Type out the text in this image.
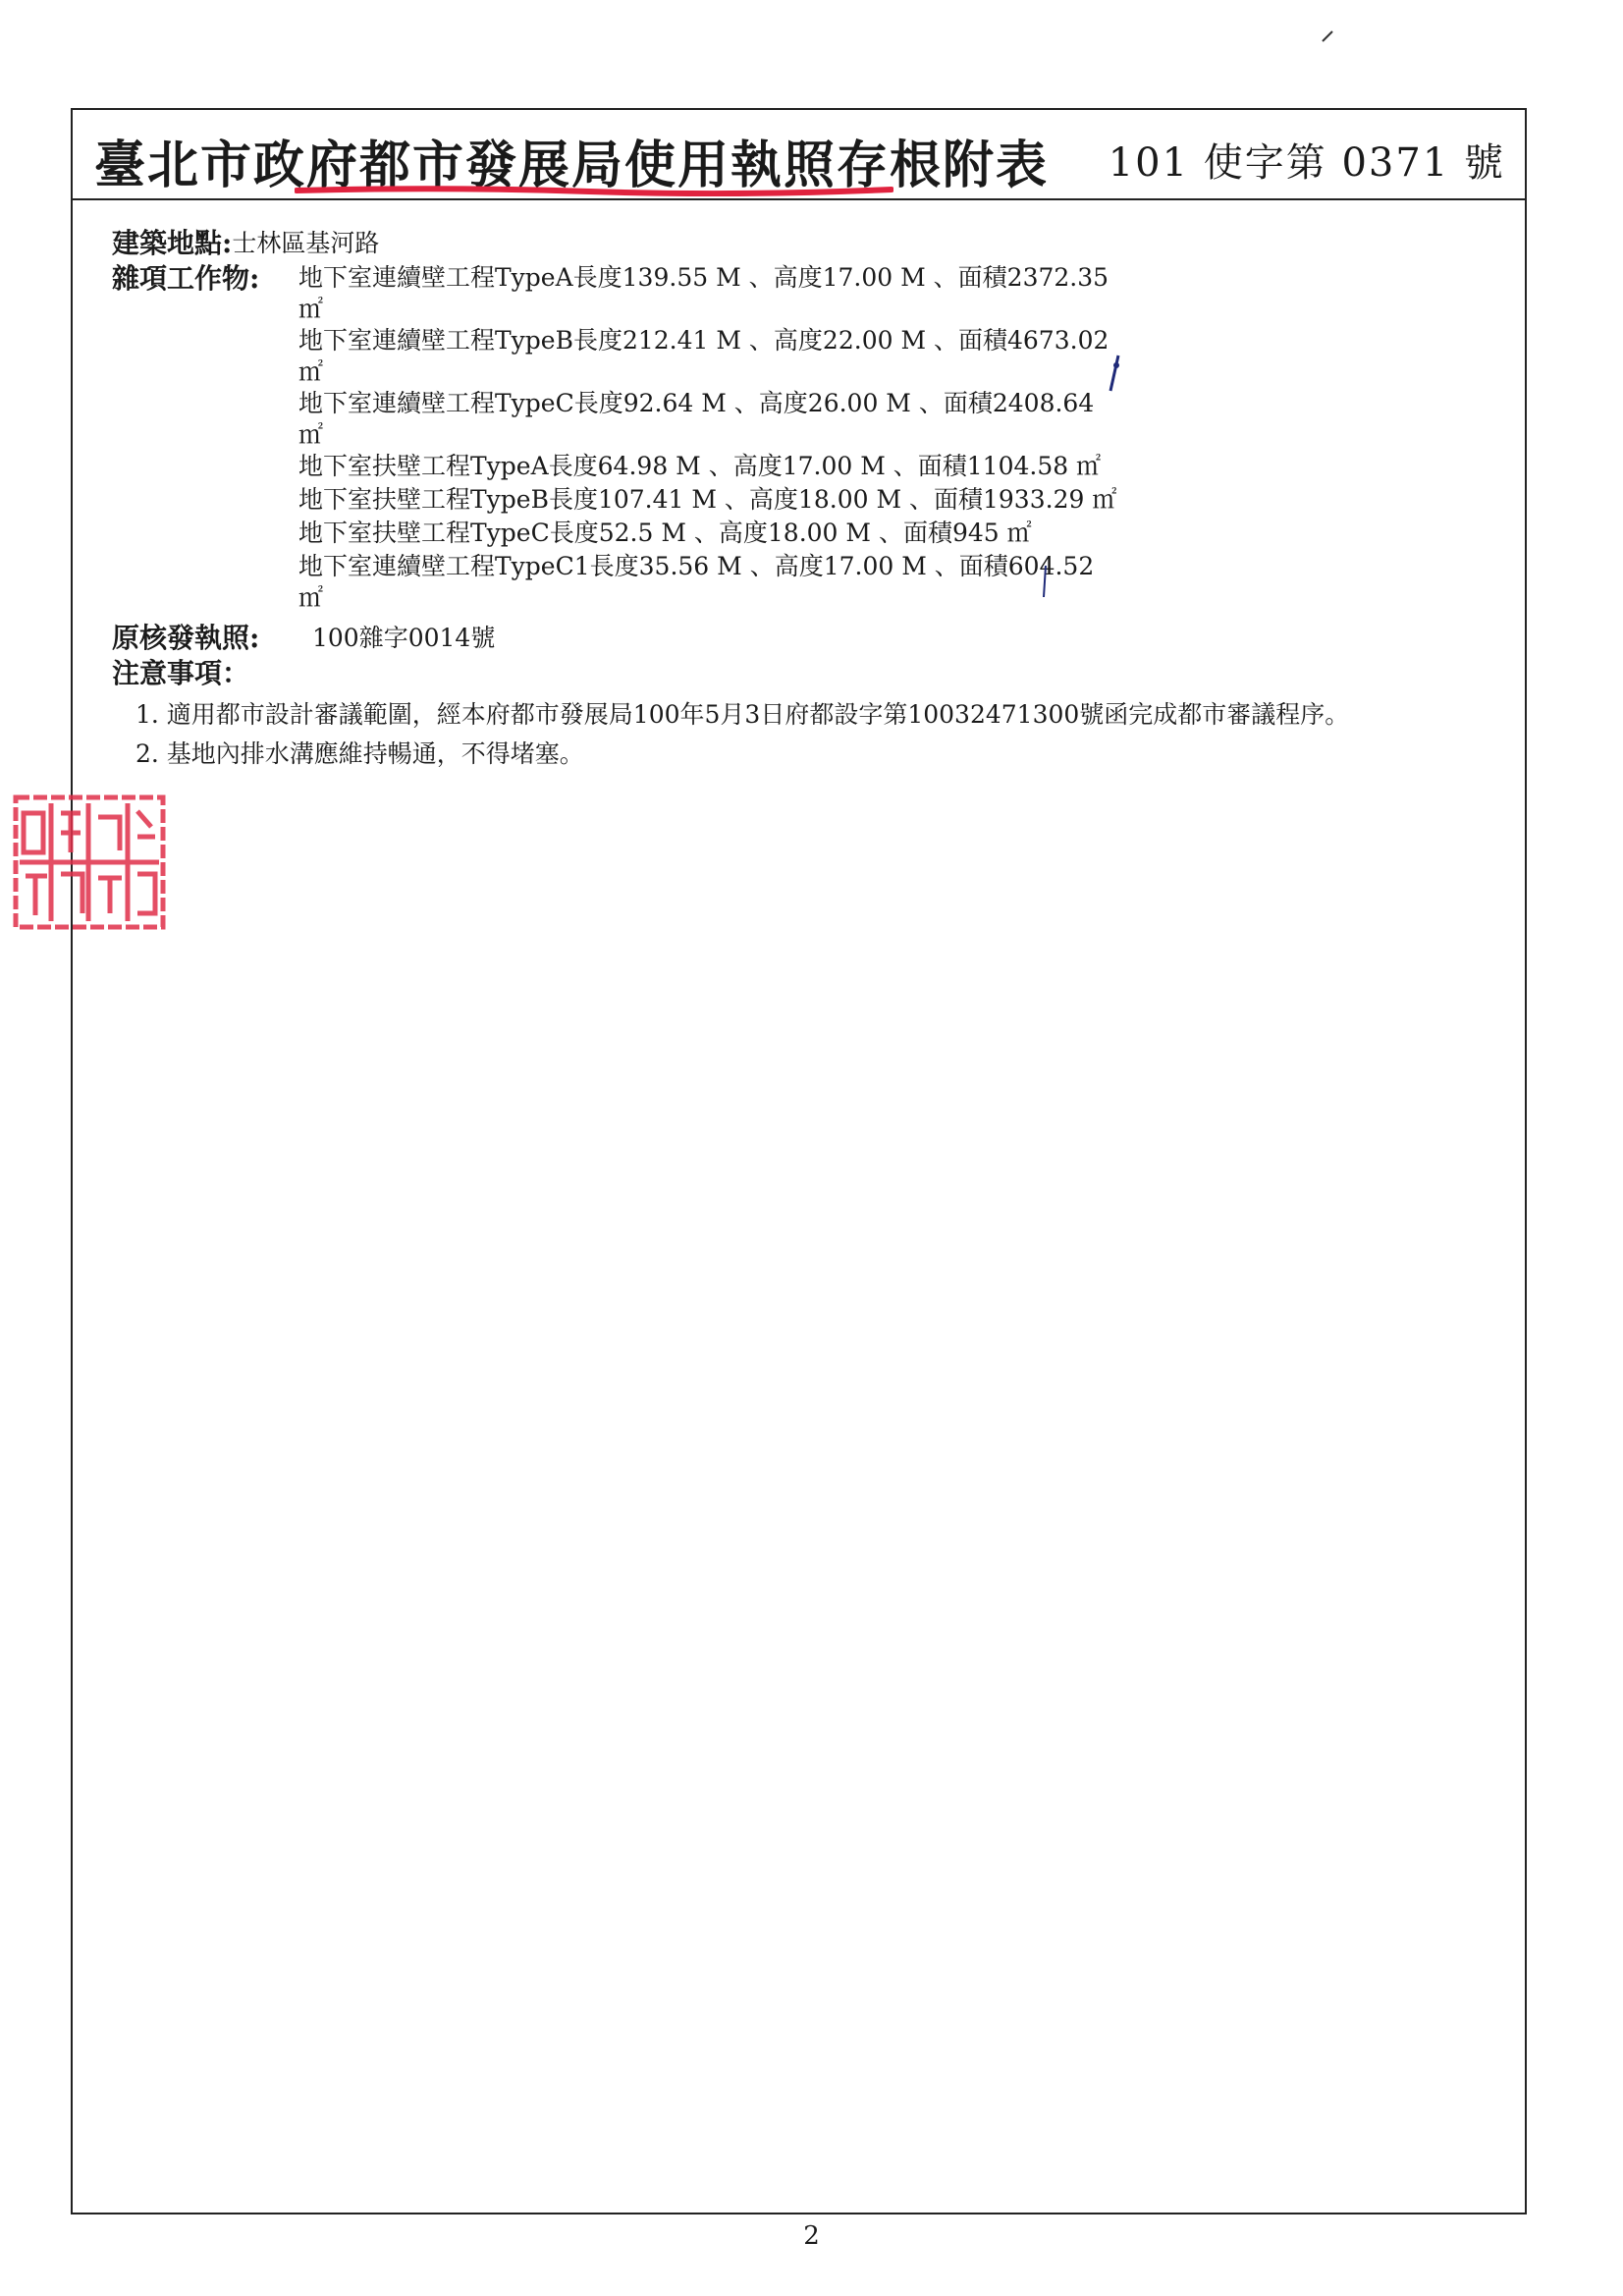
臺北市政府都市發展局使用執照存根附表 101 使字第 0371 號
建築地點: 士林區基河路
雜項工作物:	地下室連續壁工程TypeA長度139.55 M 、高度17.00 M 、面積2372.35
㎡
地下室連續壁工程TypeB長度212.41 M 、高度22.00 M 、面積4673.02
㎡
地下室連續壁工程TypeC長度92.64 M 、高度26.00 M 、面積2408.64
㎡
地下室扶壁工程TypeA長度64.98 M 、高度17.00 M 、面積1104.58 ㎡
地下室扶壁工程TypeB長度107.41 M 、高度18.00 M 、面積1933.29 ㎡
地下室扶壁工程TypeC長度52.5 M 、高度18.00 M 、面積945 ㎡
地下室連續壁工程TypeC1長度35.56 M 、高度17.00 M 、面積604.52
㎡
原核發執照:	100雜字0014號
注意事項：
1. 適用都市設計審議範圍，經本府都市發展局100年5月3日府都設字第10032471300號函完成都市審議程序。
2. 基地內排水溝應維持暢通，不得堵塞。
2
